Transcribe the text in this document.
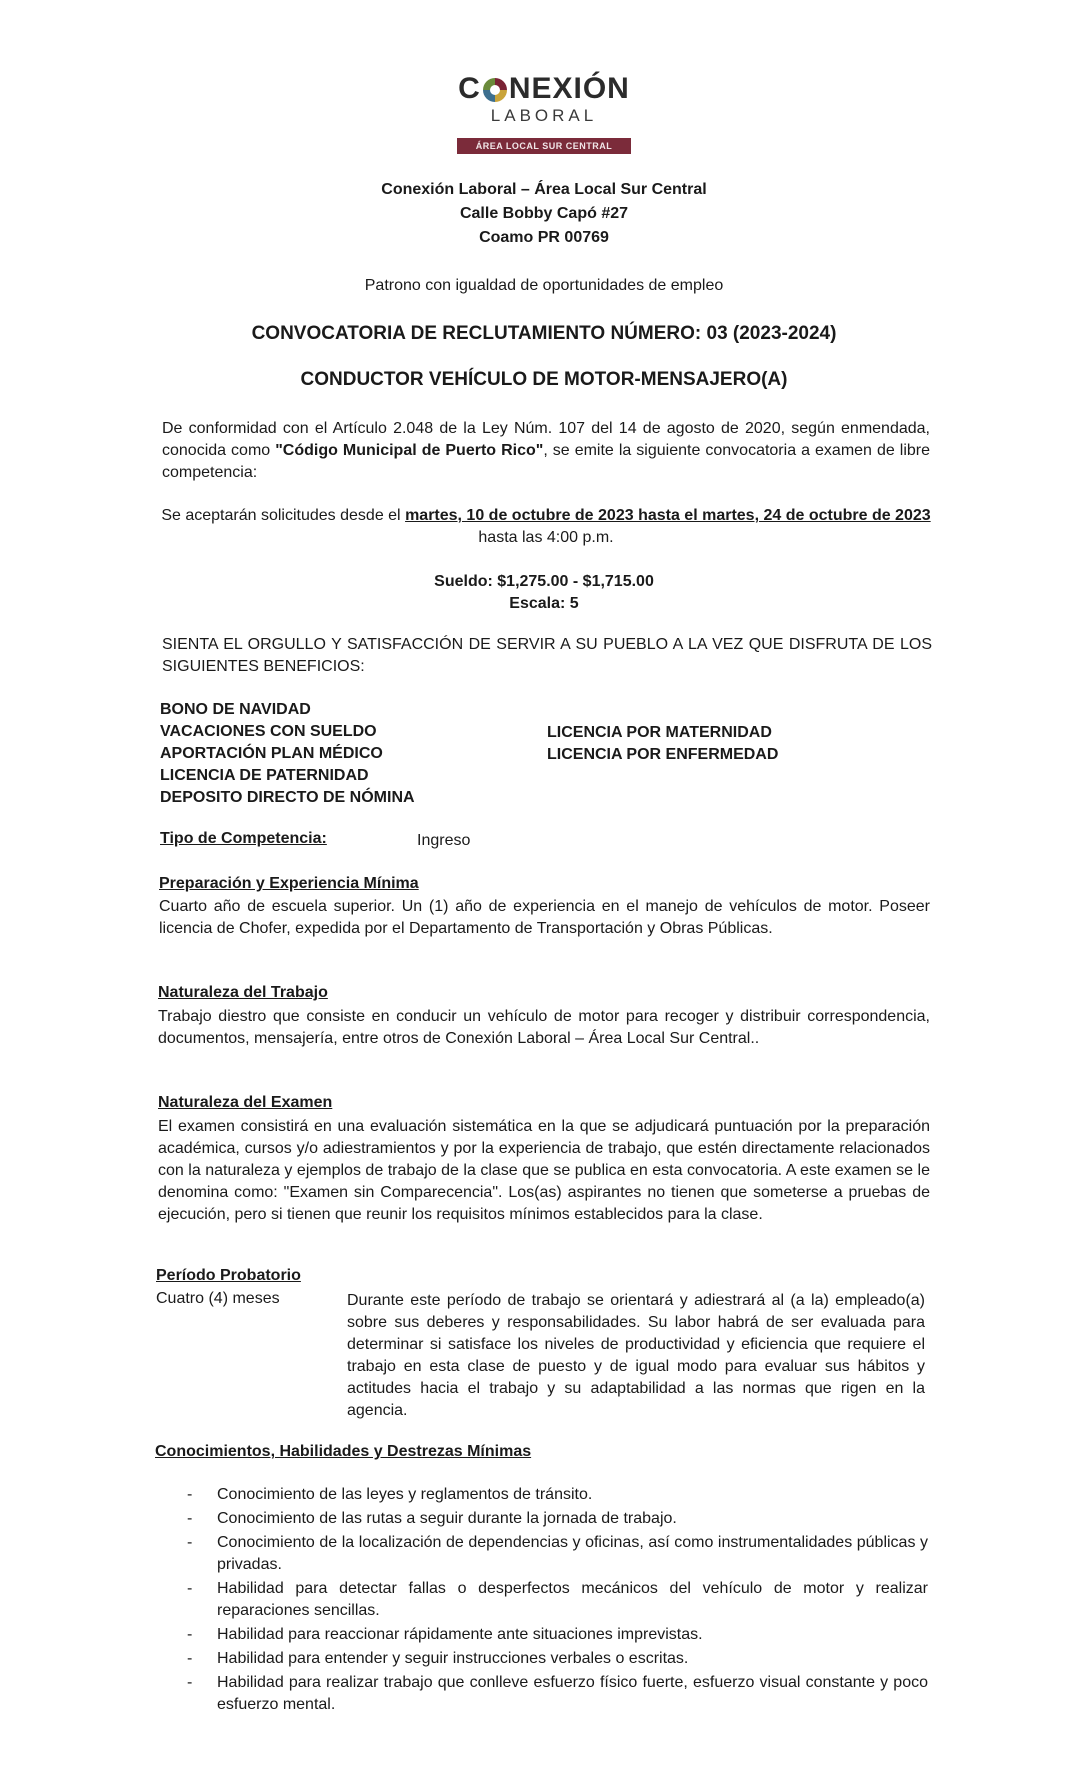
C NEXIÓN
LABORAL
ÁREA LOCAL SUR CENTRAL
Conexión Laboral – Área Local Sur Central
Calle Bobby Capó #27
Coamo PR 00769
Patrono con igualdad de oportunidades de empleo
CONVOCATORIA DE RECLUTAMIENTO NÚMERO: 03 (2023-2024)
CONDUCTOR VEHÍCULO DE MOTOR-MENSAJERO(A)
De conformidad con el Artículo 2.048 de la Ley Núm. 107 del 14 de agosto de 2020, según enmendada, conocida como "Código Municipal de Puerto Rico", se emite la siguiente convocatoria a examen de libre competencia:
Se aceptarán solicitudes desde el martes, 10 de octubre de 2023 hasta el martes, 24 de octubre de 2023 hasta las 4:00 p.m.
Sueldo: $1,275.00 - $1,715.00
Escala: 5
SIENTA EL ORGULLO Y SATISFACCIÓN DE SERVIR A SU PUEBLO A LA VEZ QUE DISFRUTA DE LOS SIGUIENTES BENEFICIOS:
BONO DE NAVIDAD
VACACIONES CON SUELDO
APORTACIÓN PLAN MÉDICO
LICENCIA DE PATERNIDAD
DEPOSITO DIRECTO DE NÓMINA
LICENCIA POR MATERNIDAD
LICENCIA POR ENFERMEDAD
Tipo de Competencia:	Ingreso
Preparación y Experiencia Mínima
Cuarto año de escuela superior. Un (1) año de experiencia en el manejo de vehículos de motor. Poseer licencia de Chofer, expedida por el Departamento de Transportación y Obras Públicas.
Naturaleza del Trabajo
Trabajo diestro que consiste en conducir un vehículo de motor para recoger y distribuir correspondencia, documentos, mensajería, entre otros de Conexión Laboral – Área Local Sur Central..
Naturaleza del Examen
El examen consistirá en una evaluación sistemática en la que se adjudicará puntuación por la preparación académica, cursos y/o adiestramientos y por la experiencia de trabajo, que estén directamente relacionados con la naturaleza y ejemplos de trabajo de la clase que se publica en esta convocatoria. A este examen se le denomina como: "Examen sin Comparecencia". Los(as) aspirantes no tienen que someterse a pruebas de ejecución, pero si tienen que reunir los requisitos mínimos establecidos para la clase.
Período Probatorio
Cuatro (4) meses	Durante este período de trabajo se orientará y adiestrará al (a la) empleado(a) sobre sus deberes y responsabilidades. Su labor habrá de ser evaluada para determinar si satisface los niveles de productividad y eficiencia que requiere el trabajo en esta clase de puesto y de igual modo para evaluar sus hábitos y actitudes hacia el trabajo y su adaptabilidad a las normas que rigen en la agencia.
Conocimientos, Habilidades y Destrezas Mínimas
- Conocimiento de las leyes y reglamentos de tránsito.
- Conocimiento de las rutas a seguir durante la jornada de trabajo.
- Conocimiento de la localización de dependencias y oficinas, así como instrumentalidades públicas y privadas.
- Habilidad para detectar fallas o desperfectos mecánicos del vehículo de motor y realizar reparaciones sencillas.
- Habilidad para reaccionar rápidamente ante situaciones imprevistas.
- Habilidad para entender y seguir instrucciones verbales o escritas.
- Habilidad para realizar trabajo que conlleve esfuerzo físico fuerte, esfuerzo visual constante y poco esfuerzo mental.
